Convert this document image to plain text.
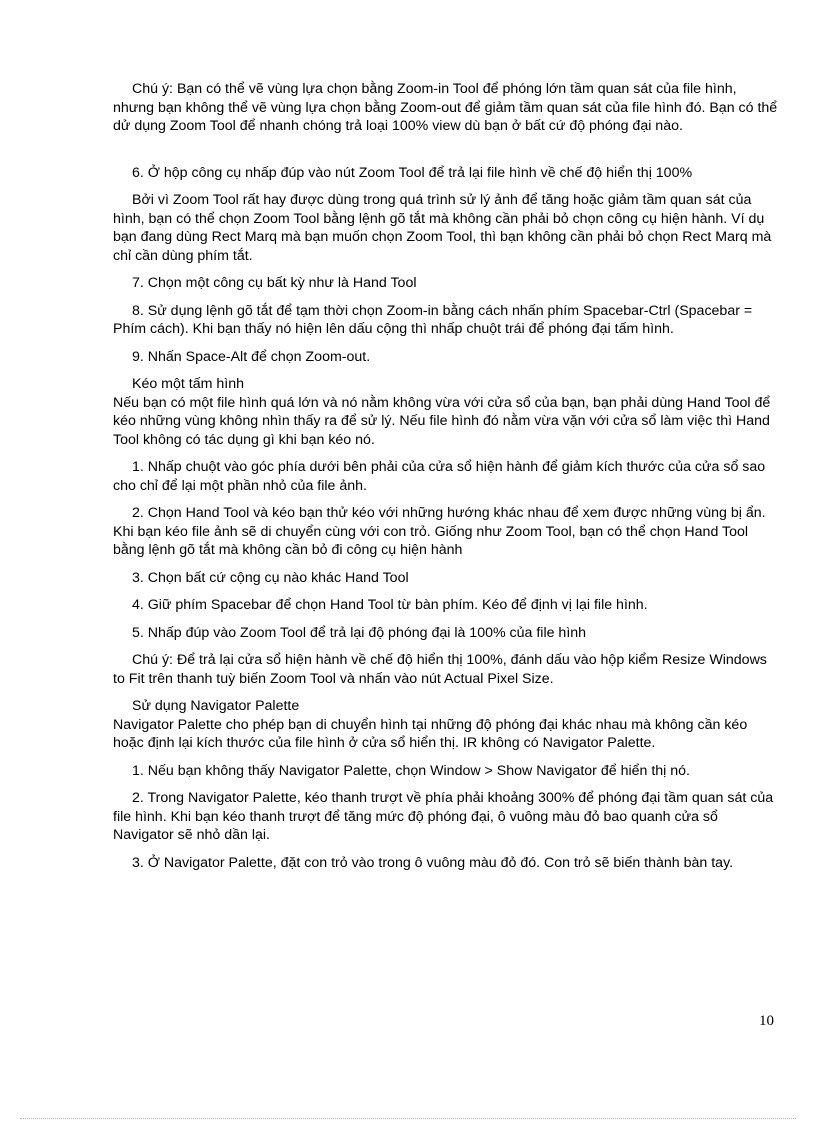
Chú ý: Bạn có thể vẽ vùng lựa chọn bằng Zoom-in Tool để phóng lớn tầm quan sát của file hình, nhưng bạn không thể vẽ vùng lựa chọn bằng Zoom-out để giảm tầm quan sát của file hình đó. Bạn có thể dử dụng Zoom Tool để nhanh chóng trả loại 100% view dù bạn ở bất cứ độ phóng đại nào.

6. Ở hộp công cụ nhấp đúp vào nút Zoom Tool để trả lại file hình về chế độ hiển thị 100%

Bởi vì Zoom Tool rất hay được dùng trong quá trình sử lý ảnh để tăng hoặc giảm tầm quan sát của hình, bạn có thể chọn Zoom Tool bằng lệnh gõ tắt mà không cần phải bỏ chọn công cụ hiện hành. Ví dụ bạn đang dùng Rect Marq mà bạn muốn chọn Zoom Tool, thì bạn không cần phải bỏ chọn Rect Marq mà chỉ cần dùng phím tắt.

7. Chọn một công cụ bất kỳ như là Hand Tool

8. Sử dụng lệnh gõ tắt để tạm thời chọn Zoom-in bằng cách nhấn phím Spacebar-Ctrl (Spacebar = Phím cách). Khi bạn thấy nó hiện lên dấu cộng thì nhấp chuột trái để phóng đại tấm hình.

9. Nhấn Space-Alt để chọn Zoom-out.

Kéo một tấm hình

Nếu bạn có một file hình quá lớn và nó nằm không vừa với cửa sổ của bạn, bạn phải dùng Hand Tool để kéo những vùng không nhìn thấy ra để sử lý. Nếu file hình đó nằm vừa vặn với cửa sổ làm việc thì Hand Tool không có tác dụng gì khi bạn kéo nó.

1. Nhấp chuột vào góc phía dưới bên phải của cửa sổ hiện hành để giảm kích thước của cửa sổ sao cho chỉ để lại một phần nhỏ của file ảnh.

2. Chọn Hand Tool và kéo bạn thử kéo với những hướng khác nhau để xem được những vùng bị ẩn. Khi bạn kéo file ảnh sẽ di chuyển cùng với con trỏ. Giống như Zoom Tool, bạn có thể chọn Hand Tool bằng lệnh gõ tắt mà không cần bỏ đi công cụ hiện hành

3. Chọn bất cứ cộng cụ nào khác Hand Tool

4. Giữ phím Spacebar để chọn Hand Tool từ bàn phím. Kéo để định vị lại file hình.

5. Nhấp đúp vào Zoom Tool để trả lại độ phóng đại là 100% của file hình

Chú ý: Để trả lại cửa sổ hiện hành về chế độ hiển thị 100%, đánh dấu vào hộp kiểm Resize Windows to Fit trên thanh tuỳ biến Zoom Tool và nhấn vào nút Actual Pixel Size.

Sử dụng Navigator Palette

Navigator Palette cho phép bạn di chuyển hình tại những độ phóng đại khác nhau mà không cần kéo hoặc định lại kích thước của file hình ở cửa sổ hiển thị. IR không có Navigator Palette.

1. Nếu bạn không thấy Navigator Palette, chọn Window > Show Navigator để hiển thị nó.

2. Trong Navigator Palette, kéo thanh trượt về phía phải khoảng 300% để phóng đại tầm quan sát của file hình. Khi bạn kéo thanh trượt để tăng mức độ phóng đại, ô vuông màu đỏ bao quanh cửa sổ Navigator sẽ nhỏ dần lại.

3. Ở Navigator Palette, đặt con trỏ vào trong ô vuông màu đỏ đó. Con trỏ sẽ biến thành bàn tay.

10
